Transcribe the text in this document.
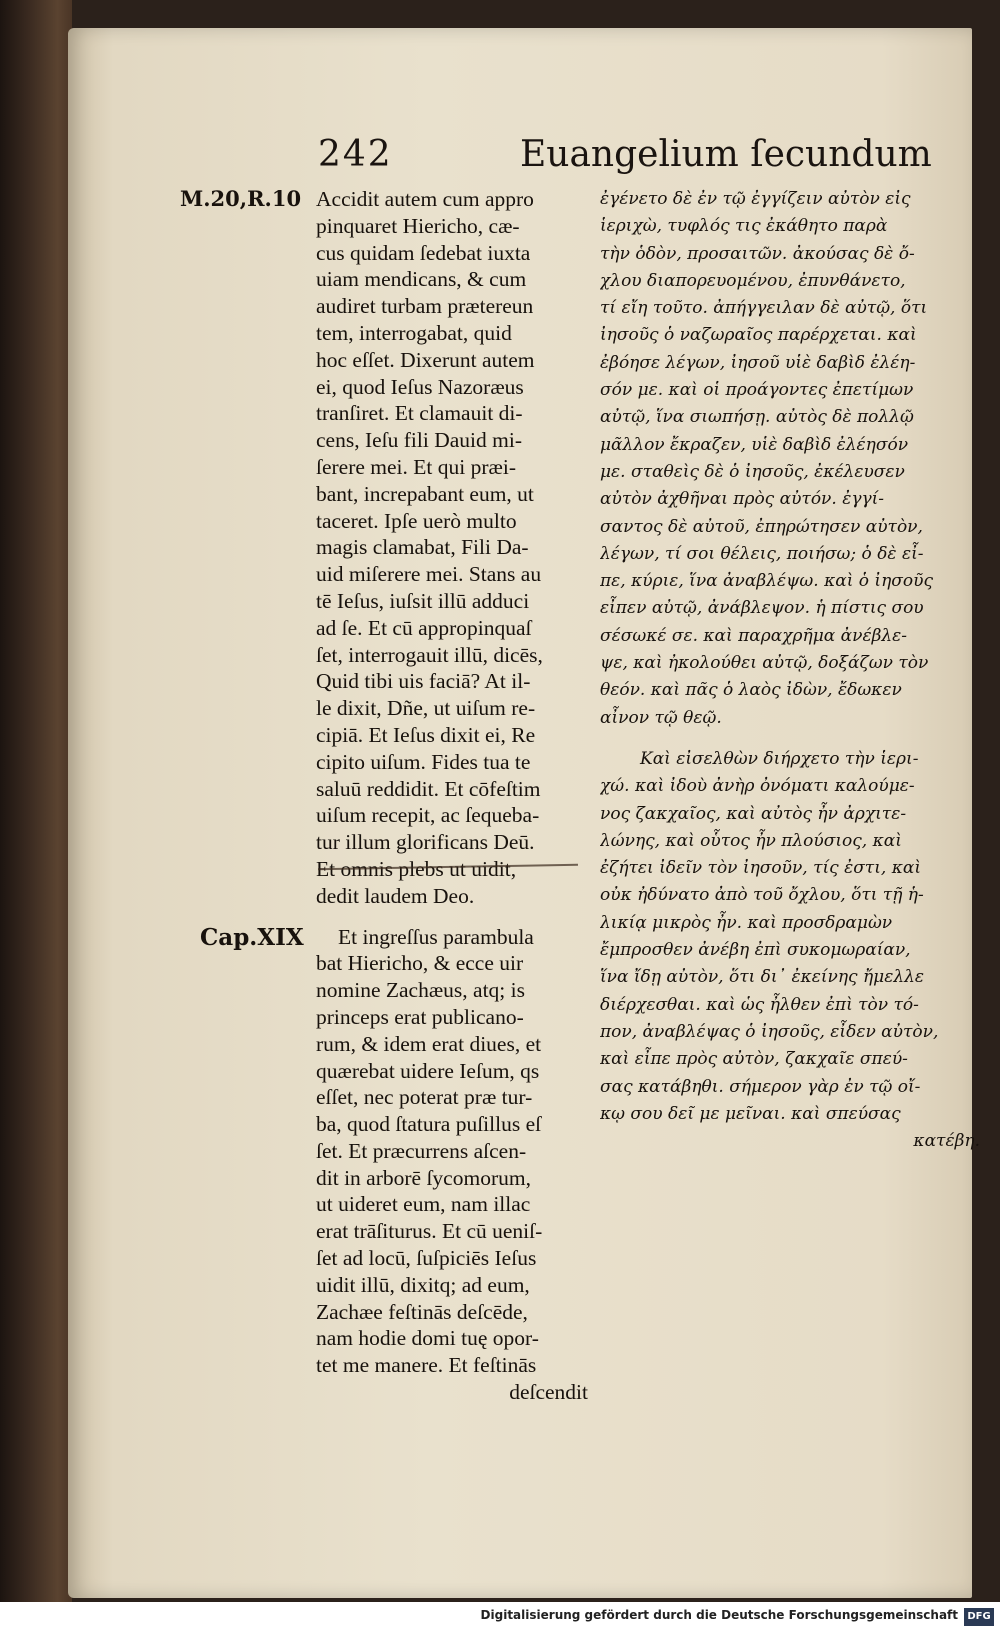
242	Euangelium ſecundum
M.20,R.10
Cap.XIX
Accidit autem cum appro
pinquaret Hiericho, cæ-
cus quidam ſedebat iuxta
uiam mendicans, & cum
audiret turbam prætereun
tem, interrogabat, quid
hoc eſſet. Dixerunt autem
ei, quod Ieſus Nazoræus
tranſiret. Et clamauit di-
cens, Ieſu fili Dauid mi-
ſerere mei. Et qui præi-
bant, increpabant eum, ut
taceret. Ipſe uerò multo
magis clamabat, Fili Da-
uid miſerere mei. Stans au
tē Ieſus, iuſsit illū adduci
ad ſe. Et cū appropinquaſ
ſet, interrogauit illū, dicēs,
Quid tibi uis faciā? At il-
le dixit, Dñe, ut uiſum re-
cipiā. Et Ieſus dixit ei, Re
cipito uiſum. Fides tua te
saluū reddidit. Et cōfeſtim
uiſum recepit, ac ſequeba-
tur illum glorificans Deū.
Et omnis plebs ut uidit,
dedit laudem Deo.
Et ingreſſus parambula
bat Hiericho, & ecce uir
nomine Zachæus, atq; is
princeps erat publicano-
rum, & idem erat diues, et
quærebat uidere Ieſum, qs
eſſet, nec poterat præ tur-
ba, quod ſtatura puſillus eſ
ſet. Et præcurrens aſcen-
dit in arborē ſycomorum,
ut uideret eum, nam illac
erat trāſiturus. Et cū ueniſ-
ſet ad locū, ſuſpiciēs Ieſus
uidit illū, dixitq; ad eum,
Zachæe feſtinās deſcēde,
nam hodie domi tuę opor-
tet me manere. Et feſtinās
deſcendit
ἐγένετο δὲ ἐν τῷ ἐγγίζειν αὐτὸν εἰς
ἱεριχὼ, τυφλός τις ἐκάθητο παρὰ
τὴν ὁδὸν, προσαιτῶν. ἀκούσας δὲ ὄ-
χλου διαπορευομένου, ἐπυνθάνετο,
τί εἴη τοῦτο. ἀπήγγειλαν δὲ αὐτῷ, ὅτι
ἰησοῦς ὁ ναζωραῖος παρέρχεται. καὶ
ἐβόησε λέγων, ἰησοῦ υἱὲ δαβὶδ ἐλέη-
σόν με. καὶ οἱ προάγοντες ἐπετίμων
αὐτῷ, ἵνα σιωπήσῃ. αὐτὸς δὲ πολλῷ
μᾶλλον ἔκραζεν, υἱὲ δαβὶδ ἐλέησόν
με. σταθεὶς δὲ ὁ ἰησοῦς, ἐκέλευσεν
αὐτὸν ἀχθῆναι πρὸς αὐτόν. ἐγγί-
σαντος δὲ αὐτοῦ, ἐπηρώτησεν αὐτὸν,
λέγων, τί σοι θέλεις, ποιήσω; ὁ δὲ εἶ-
πε, κύριε, ἵνα ἀναβλέψω. καὶ ὁ ἰησοῦς
εἶπεν αὐτῷ, ἀνάβλεψον. ἡ πίστις σου
σέσωκέ σε. καὶ παραχρῆμα ἀνέβλε-
ψε, καὶ ἠκολούθει αὐτῷ, δοξάζων τὸν
θεόν. καὶ πᾶς ὁ λαὸς ἰδὼν, ἔδωκεν
αἶνον τῷ θεῷ.
Καὶ εἰσελθὼν διήρχετο τὴν ἱερι-
χώ. καὶ ἰδοὺ ἀνὴρ ὀνόματι καλούμε-
νος ζακχαῖος, καὶ αὐτὸς ἦν ἀρχιτε-
λώνης, καὶ οὗτος ἦν πλούσιος, καὶ
ἐζήτει ἰδεῖν τὸν ἰησοῦν, τίς ἐστι, καὶ
οὐκ ἠδύνατο ἀπὸ τοῦ ὄχλου, ὅτι τῇ ἡ-
λικίᾳ μικρὸς ἦν. καὶ προσδραμὼν
ἔμπροσθεν ἀνέβη ἐπὶ συκομωραίαν,
ἵνα ἴδῃ αὐτὸν, ὅτι δι᾽ ἐκείνης ἤμελλε
διέρχεσθαι. καὶ ὡς ἦλθεν ἐπὶ τὸν τό-
πον, ἀναβλέψας ὁ ἰησοῦς, εἶδεν αὐτὸν,
καὶ εἶπε πρὸς αὐτὸν, ζακχαῖε σπεύ-
σας κατάβηθι. σήμερον γὰρ ἐν τῷ οἴ-
κῳ σου δεῖ με μεῖναι. καὶ σπεύσας
κατέβη.
Digitalisierung gefördert durch die Deutsche Forschungsgemeinschaft DFG
